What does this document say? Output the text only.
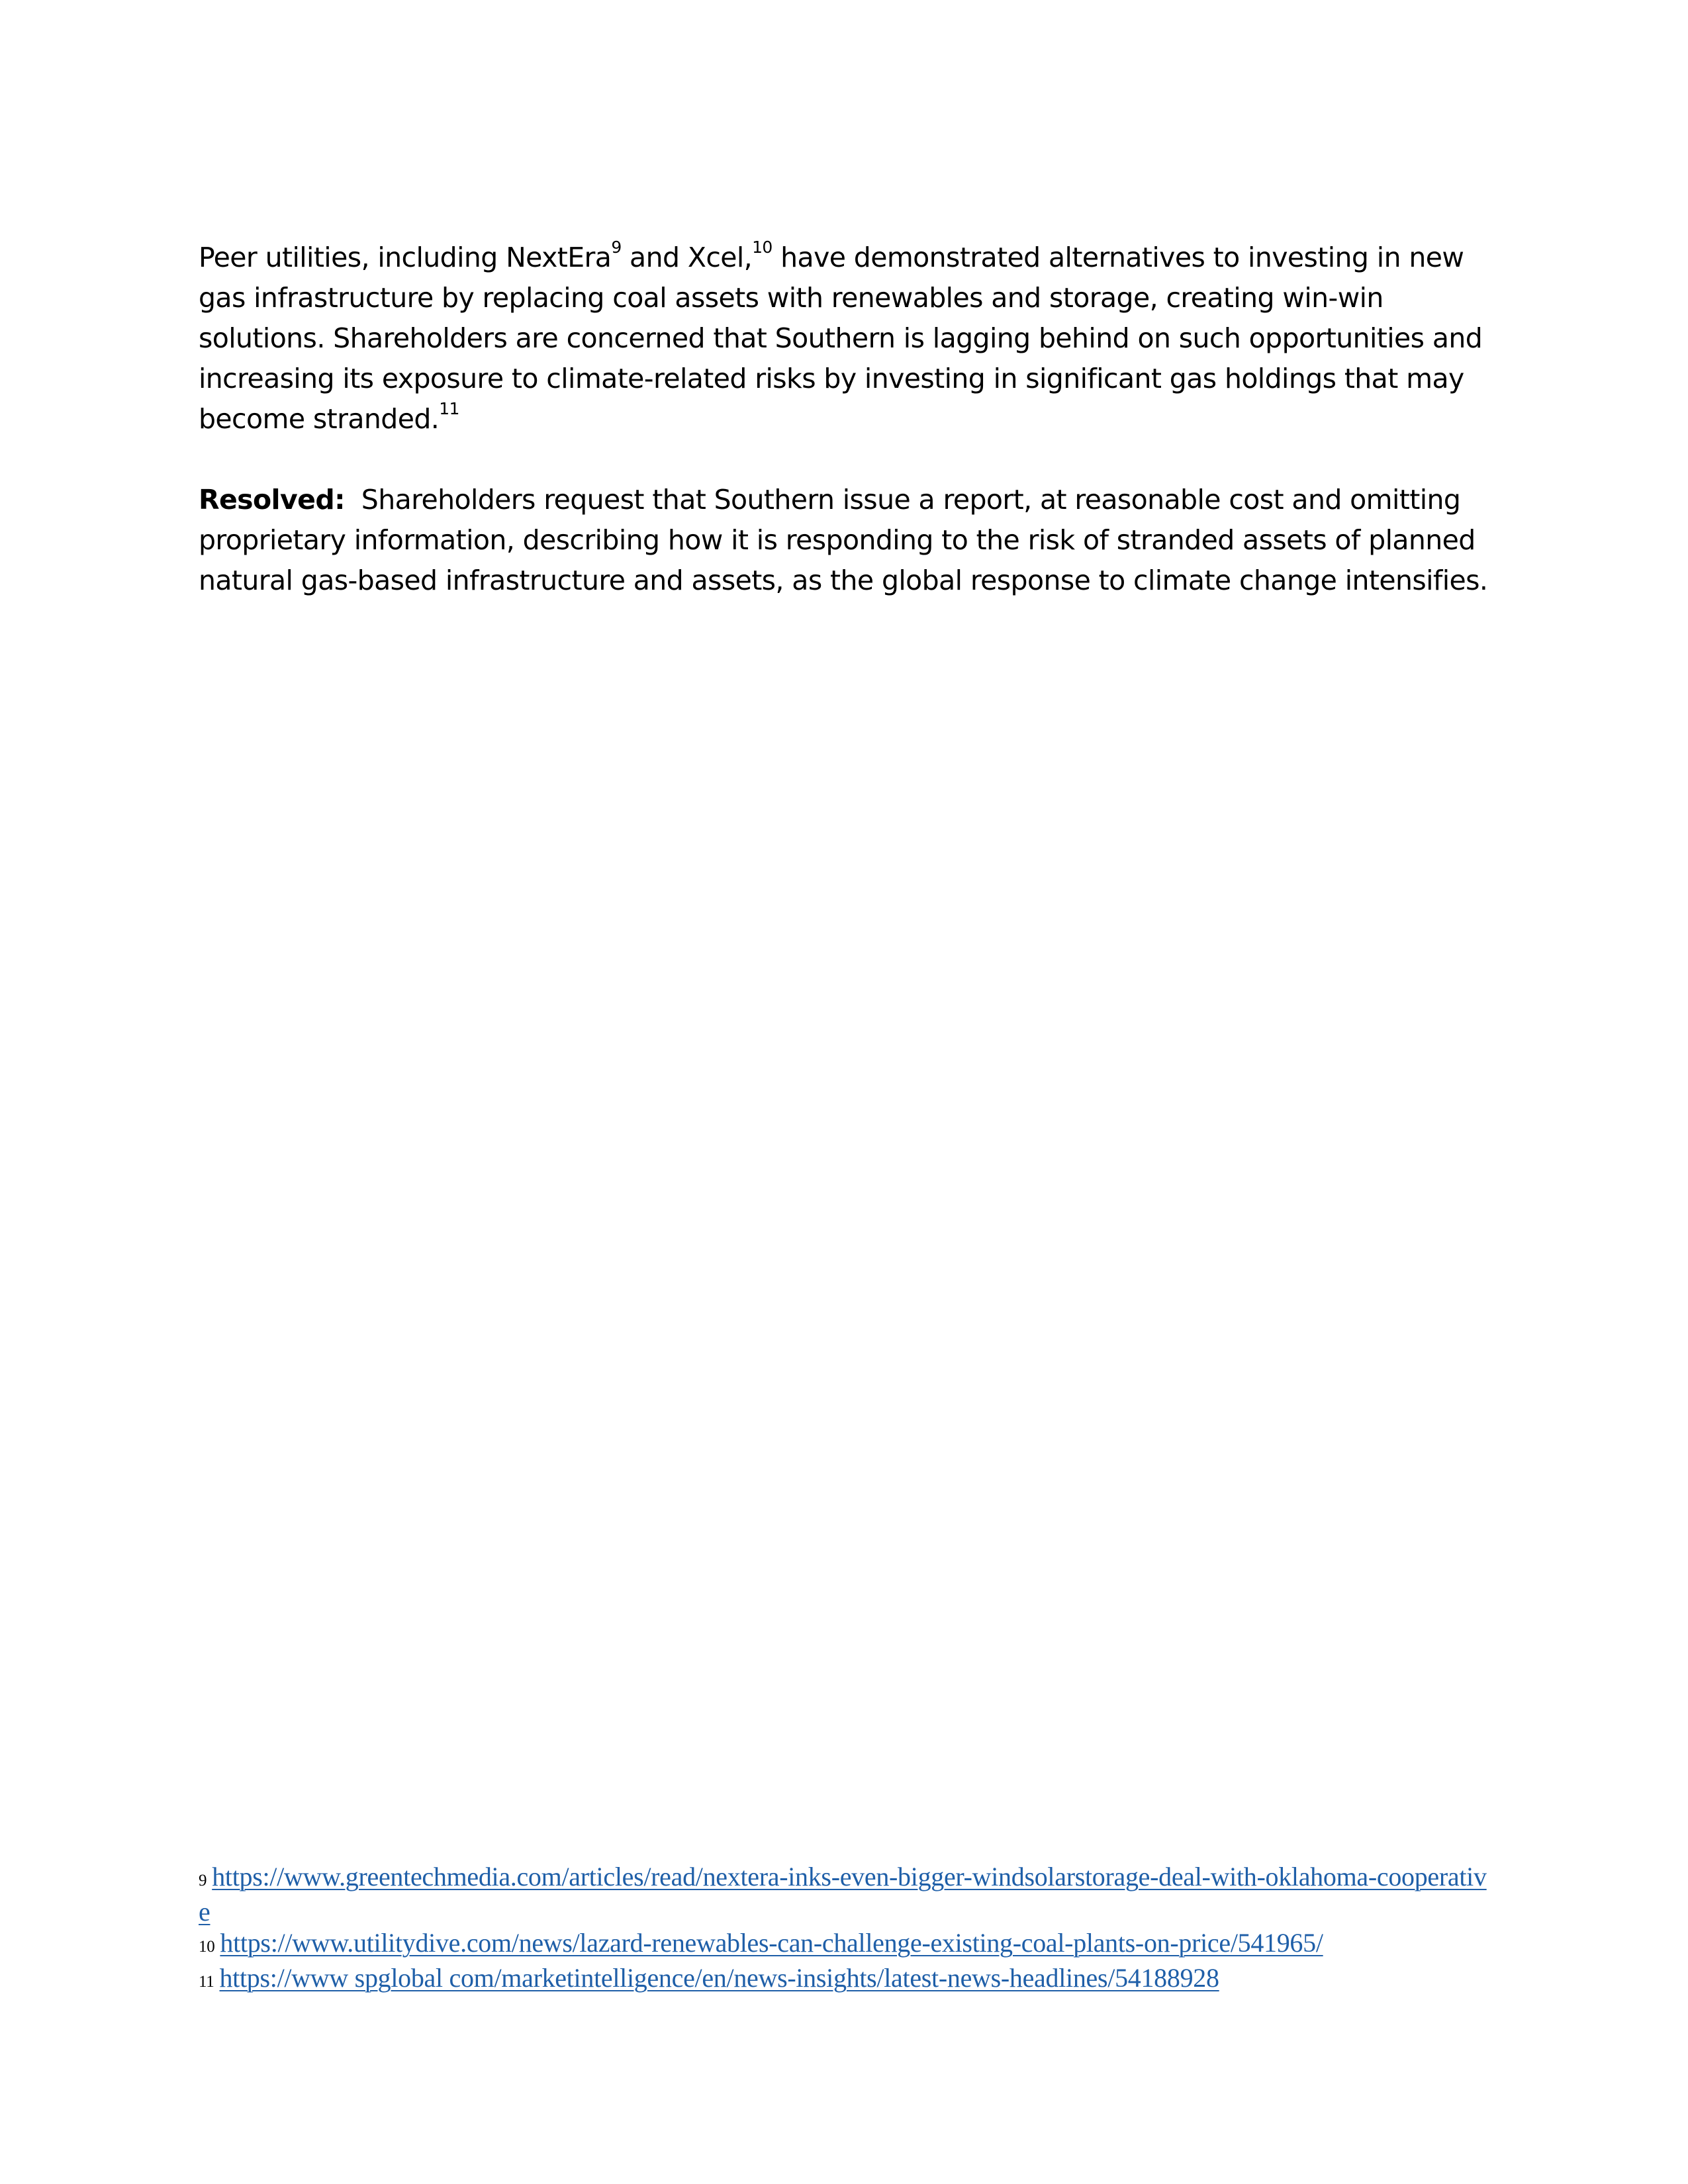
Peer utilities, including NextEra$^9$ and Xcel,$^{10}$ have demonstrated alternatives to investing in new gas infrastructure by replacing coal assets with renewables and storage, creating win-win solutions. Shareholders are concerned that Southern is lagging behind on such opportunities and increasing its exposure to climate-related risks by investing in significant gas holdings that may become stranded.$^{11}$

Resolved: Shareholders request that Southern issue a report, at reasonable cost and omitting proprietary information, describing how it is responding to the risk of stranded assets of planned natural gas-based infrastructure and assets, as the global response to climate change intensifies.

9 https://www.greentechmedia.com/articles/read/nextera-inks-even-bigger-windsolarstorage-deal-with-oklahoma-cooperative

10 https://www.utilitydive.com/news/lazard-renewables-can-challenge-existing-coal-plants-on-price/541965/

11 https://www spglobal com/marketintelligence/en/news-insights/latest-news-headlines/54188928
